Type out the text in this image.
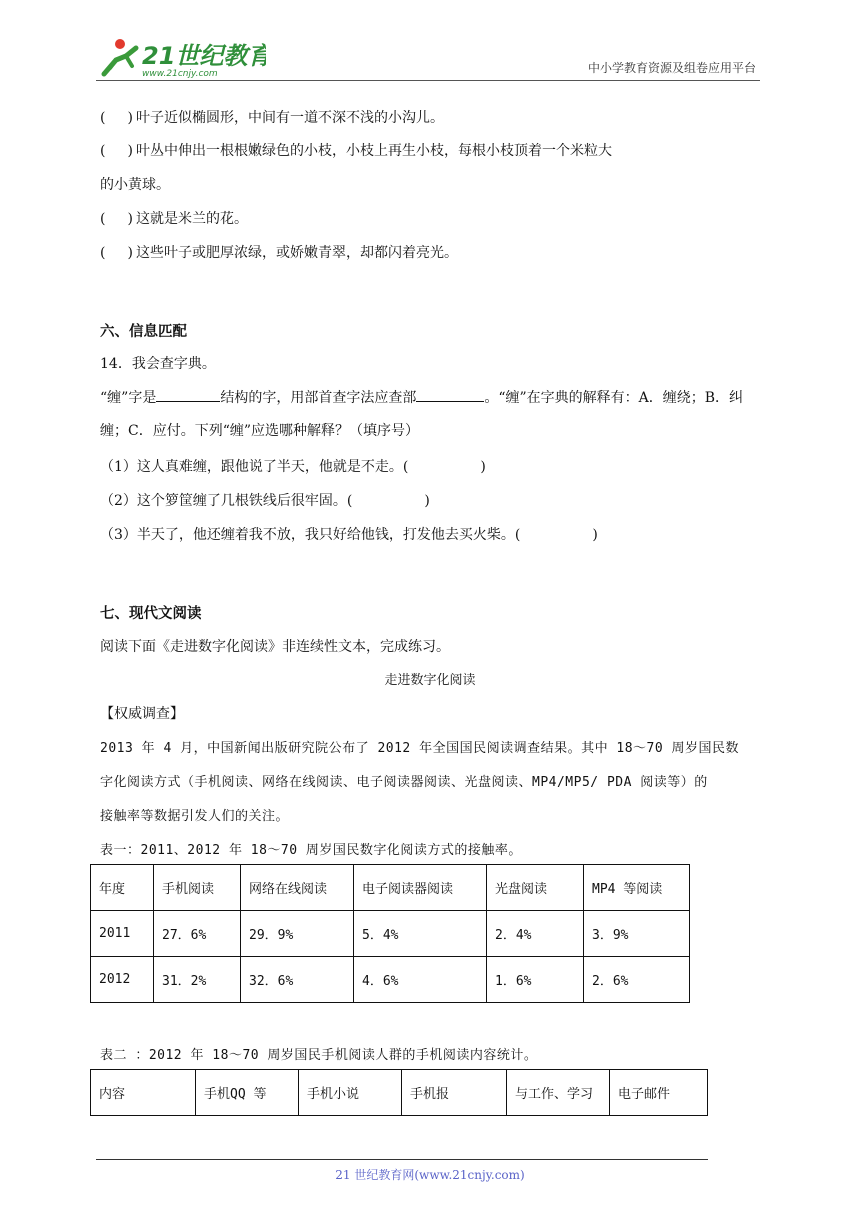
21世纪教育
www.21cnjy.com	中小学教育资源及组卷应用平台
( ) 叶子近似椭圆形，中间有一道不深不浅的小沟儿。
( ) 叶丛中伸出一根根嫩绿色的小枝，小枝上再生小枝，每根小枝顶着一个米粒大
的小黄球。
( ) 这就是米兰的花。
( ) 这些叶子或肥厚浓绿，或娇嫩青翠，却都闪着亮光。
六、信息匹配
14．我会查字典。
“缠”字是	结构的字，用部首查字法应查部	。“缠”在字典的解释有：A．缠绕；B．纠
缠；C．应付。下列“缠”应选哪种解释？（填序号）
（1）这人真难缠，跟他说了半天，他就是不走。(	)
（2）这个箩筐缠了几根铁线后很牢固。(	)
（3）半天了，他还缠着我不放，我只好给他钱，打发他去买火柴。(	)
七、现代文阅读
阅读下面《走进数字化阅读》非连续性文本，完成练习。
走进数字化阅读
【权威调查】
2013 年 4 月，中国新闻出版研究院公布了 2012 年全国国民阅读调查结果。其中 18～70 周岁国民数
字化阅读方式（手机阅读、网络在线阅读、电子阅读器阅读、光盘阅读、MP4/MP5/ PDA 阅读等）的
接触率等数据引发人们的关注。
表一：2011、2012 年 18～70 周岁国民数字化阅读方式的接触率。
年度	手机阅读	网络在线阅读	电子阅读器阅读	光盘阅读	MP4 等阅读
2011	27．6%	29．9%	5．4%	2．4%	3．9%
2012	31．2%	32．6%	4．6%	1．6%	2．6%
表二 ：2012 年 18～70 周岁国民手机阅读人群的手机阅读内容统计。
内容	手机QQ 等	手机小说	手机报	与工作、学习	电子邮件
21 世纪教育网(www.21cnjy.com)
